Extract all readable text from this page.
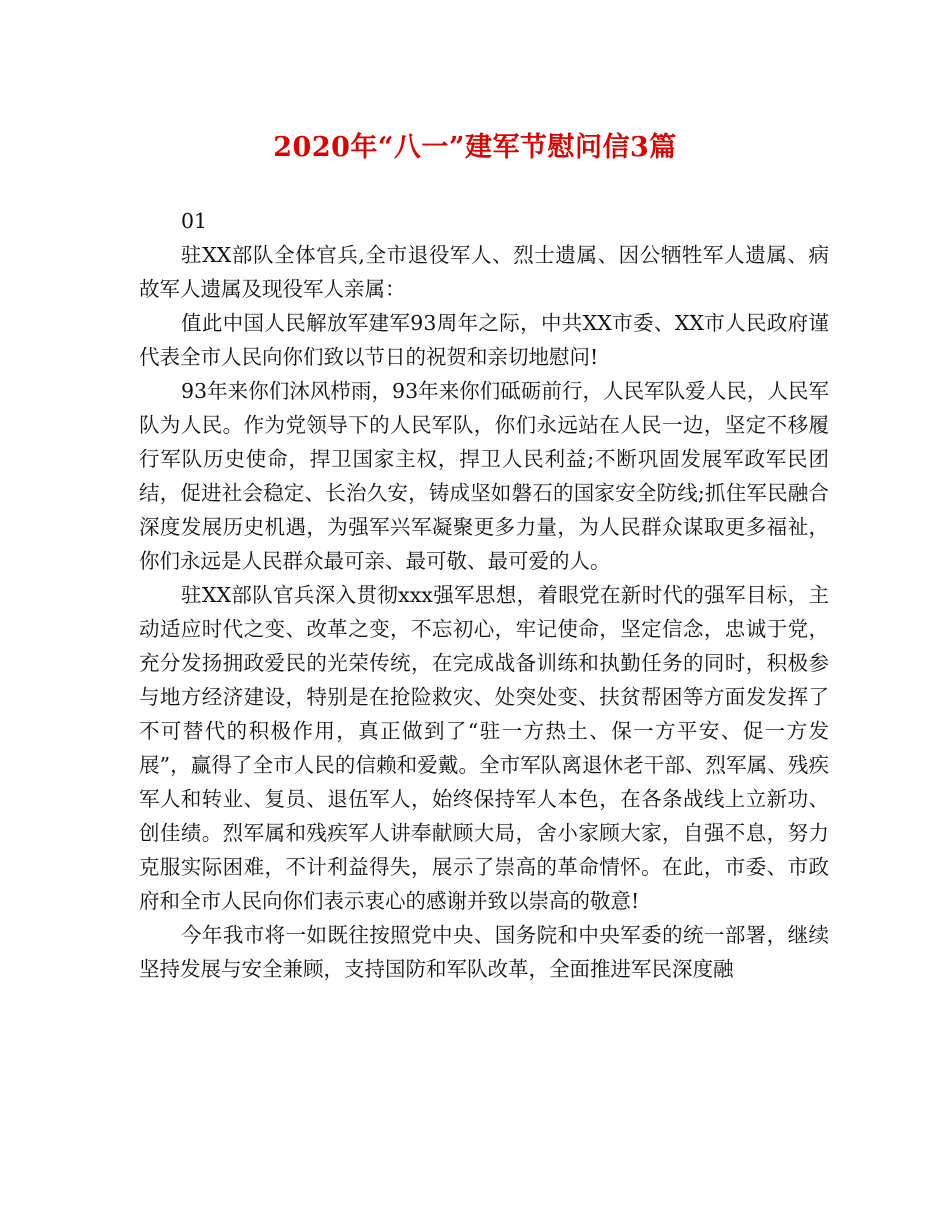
2020年“八一”建军节慰问信3篇

01

驻XX部队全体官兵,全市退役军人、烈士遗属、因公牺牲军人遗属、病故军人遗属及现役军人亲属：

值此中国人民解放军建军93周年之际，中共XX市委、XX市人民政府谨代表全市人民向你们致以节日的祝贺和亲切地慰问!

93年来你们沐风栉雨，93年来你们砥砺前行，人民军队爱人民，人民军队为人民。作为党领导下的人民军队，你们永远站在人民一边，坚定不移履行军队历史使命，捍卫国家主权，捍卫人民利益;不断巩固发展军政军民团结，促进社会稳定、长治久安，铸成坚如磐石的国家安全防线;抓住军民融合深度发展历史机遇，为强军兴军凝聚更多力量，为人民群众谋取更多福祉，你们永远是人民群众最可亲、最可敬、最可爱的人。

驻XX部队官兵深入贯彻xxx强军思想，着眼党在新时代的强军目标，主动适应时代之变、改革之变，不忘初心，牢记使命，坚定信念，忠诚于党，充分发扬拥政爱民的光荣传统，在完成战备训练和执勤任务的同时，积极参与地方经济建设，特别是在抢险救灾、处突处变、扶贫帮困等方面发发挥了不可替代的积极作用，真正做到了“驻一方热土、保一方平安、促一方发展”，赢得了全市人民的信赖和爱戴。全市军队离退休老干部、烈军属、残疾军人和转业、复员、退伍军人，始终保持军人本色，在各条战线上立新功、创佳绩。烈军属和残疾军人讲奉献顾大局，舍小家顾大家，自强不息，努力克服实际困难，不计利益得失，展示了崇高的革命情怀。在此，市委、市政府和全市人民向你们表示衷心的感谢并致以崇高的敬意!

今年我市将一如既往按照党中央、国务院和中央军委的统一部署，继续坚持发展与安全兼顾，支持国防和军队改革，全面推进军民深度融
